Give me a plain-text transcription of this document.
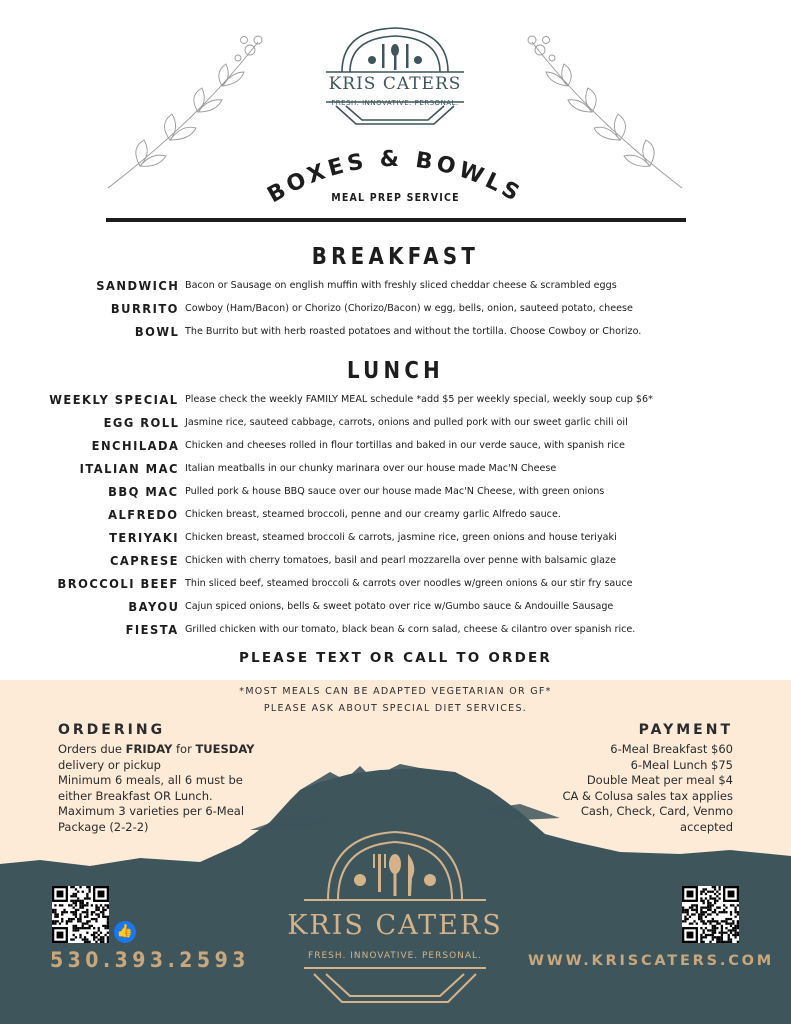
KRIS CATERS
FRESH. INNOVATIVE. PERSONAL.
BOXES & BOWLS
MEAL PREP SERVICE
BREAKFAST
SANDWICH Bacon or Sausage on english muffin with freshly sliced cheddar cheese & scrambled eggs
BURRITO Cowboy (Ham/Bacon) or Chorizo (Chorizo/Bacon) w egg, bells, onion, sauteed potato, cheese
BOWL The Burrito but with herb roasted potatoes and without the tortilla. Choose Cowboy or Chorizo.
LUNCH
WEEKLY SPECIAL Please check the weekly FAMILY MEAL schedule *add $5 per weekly special, weekly soup cup $6*
EGG ROLL Jasmine rice, sauteed cabbage, carrots, onions and pulled pork with our sweet garlic chili oil
ENCHILADA Chicken and cheeses rolled in flour tortillas and baked in our verde sauce, with spanish rice
ITALIAN MAC Italian meatballs in our chunky marinara over our house made Mac'N Cheese
BBQ MAC Pulled pork & house BBQ sauce over our house made Mac'N Cheese, with green onions
ALFREDO Chicken breast, steamed broccoli, penne and our creamy garlic Alfredo sauce.
TERIYAKI Chicken breast, steamed broccoli & carrots, jasmine rice, green onions and house teriyaki
CAPRESE Chicken with cherry tomatoes, basil and pearl mozzarella over penne with balsamic glaze
BROCCOLI BEEF Thin sliced beef, steamed broccoli & carrots over noodles w/green onions & our stir fry sauce
BAYOU Cajun spiced onions, bells & sweet potato over rice w/Gumbo sauce & Andouille Sausage
FIESTA Grilled chicken with our tomato, black bean & corn salad, cheese & cilantro over spanish rice.
PLEASE TEXT OR CALL TO ORDER
*MOST MEALS CAN BE ADAPTED VEGETARIAN OR GF*
PLEASE ASK ABOUT SPECIAL DIET SERVICES.
ORDERING
Orders due FRIDAY for TUESDAY
delivery or pickup
Minimum 6 meals, all 6 must be
either Breakfast OR Lunch.
Maximum 3 varieties per 6-Meal
Package (2-2-2)
PAYMENT
6-Meal Breakfast $60
6-Meal Lunch $75
Double Meat per meal $4
CA & Colusa sales tax applies
Cash, Check, Card, Venmo
accepted
KRIS CATERS
FRESH. INNOVATIVE. PERSONAL.
👍
530.393.2593	WWW.KRISCATERS.COM
